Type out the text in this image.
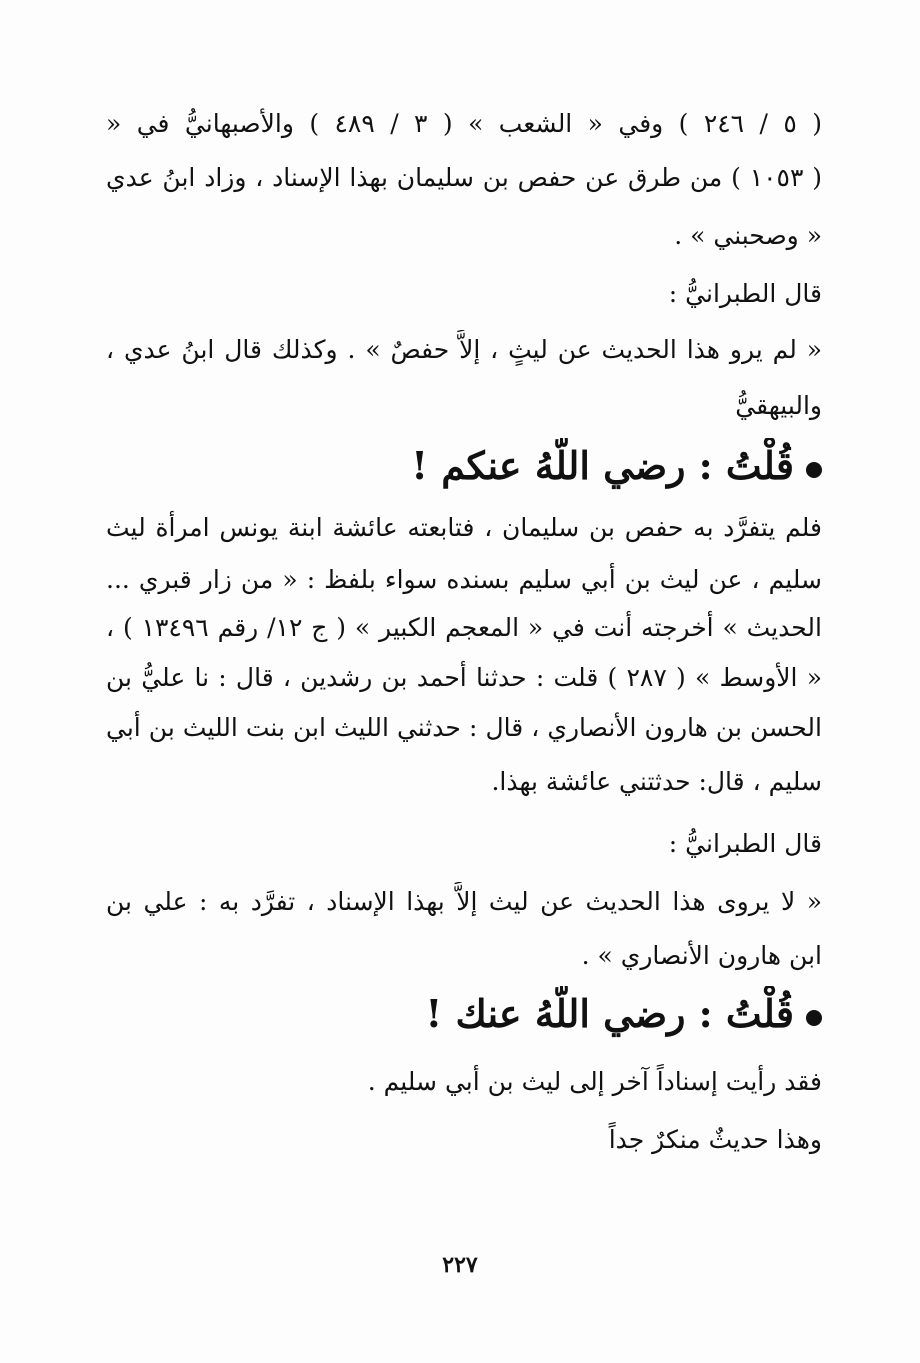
( ٥ / ٢٤٦ ) وفي « الشعب » ( ٣ / ٤٨٩ ) والأصبهانيُّ في «
( ١٠٥٣ ) من طرق عن حفص بن سليمان بهذا الإسناد ، وزاد ابنُ عدي
« وصحبني » .
قال الطبرانيُّ :
« لم يرو هذا الحديث عن ليثٍ ، إلاَّ حفصٌ » . وكذلك قال ابنُ عدي ،
والبيهقيُّ
قُلْتُ : رضي اللَّهُ عنكم !
فلم يتفرَّد به حفص بن سليمان ، فتابعته عائشة ابنة يونس امرأة ليث
سليم ، عن ليث بن أبي سليم بسنده سواء بلفظ : « من زار قبري ...
الحديث » أخرجته أنت في « المعجم الكبير » ( ج ١٢/ رقم ١٣٤٩٦ ) ،
« الأوسط » ( ٢٨٧ ) قلت : حدثنا أحمد بن رشدين ، قال : نا عليُّ بن
الحسن بن هارون الأنصاري ، قال : حدثني الليث ابن بنت الليث بن أبي
سليم ، قال: حدثتني عائشة بهذا.
قال الطبرانيُّ :
« لا يروى هذا الحديث عن ليث إلاَّ بهذا الإسناد ، تفرَّد به : علي بن
ابن هارون الأنصاري » .
قُلْتُ : رضي اللَّهُ عنك !
فقد رأيت إسناداً آخر إلى ليث بن أبي سليم .
وهذا حديثٌ منكرٌ جداً
٢٢٧
